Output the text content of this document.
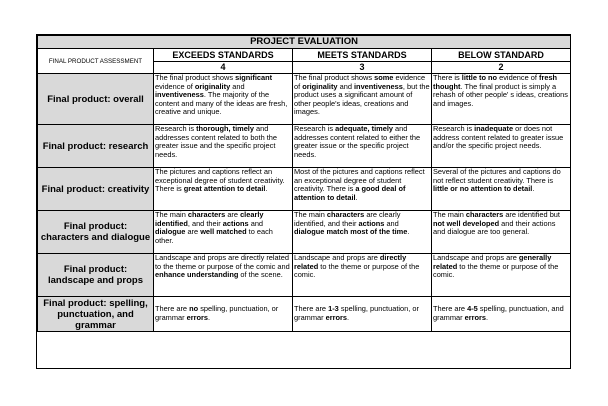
PROJECT EVALUATION			
FINAL PRODUCT ASSESSMENT	EXCEEDS STANDARDS	MEETS STANDARDS	BELOW STANDARD
	4	3	2
Final product: overall	The final product shows significant evidence of originality and inventiveness. The majority of the content and many of the ideas are fresh, creative and unique.	The final product shows some evidence of originality and inventiveness, but the product uses a significant amount of other people's ideas, creations and images.	There is little to no evidence of fresh thought. The final product is simply a rehash of other people' s ideas, creations and images.
Final product: research	Research is thorough, timely and addresses content related to both the greater issue and the specific project needs.	Research is adequate, timely and addresses content related to either the greater issue or the specific project needs.	Research is inadequate or does not address content related to greater issue and/or the specific project needs.
Final product: creativity	The pictures and captions reflect an exceptional degree of student creativity. There is great attention to detail.	Most of the pictures and captions reflect an exceptional degree of student creativity. There is a good deal of attention to detail.	Several of the pictures and captions do not reflect student creativity. There is little or no attention to detail.
Final product: characters and dialogue	The main characters are clearly identified, and their actions and dialogue are well matched to each other.	The main characters are clearly identified, and their actions and dialogue match most of the time.	The main characters are identified but not well developed and their actions and dialogue are too general.
Final product: landscape and props	Landscape and props are directly related to the theme or purpose of the comic and enhance understanding of the scene.	Landscape and props are directly related to the theme or purpose of the comic.	Landscape and props are generally related to the theme or purpose of the comic.
Final product: spelling, punctuation, and grammar	There are no spelling, punctuation, or grammar errors.	There are 1-3 spelling, punctuation, or grammar errors.	There are 4-5 spelling, punctuation, and grammar errors.
